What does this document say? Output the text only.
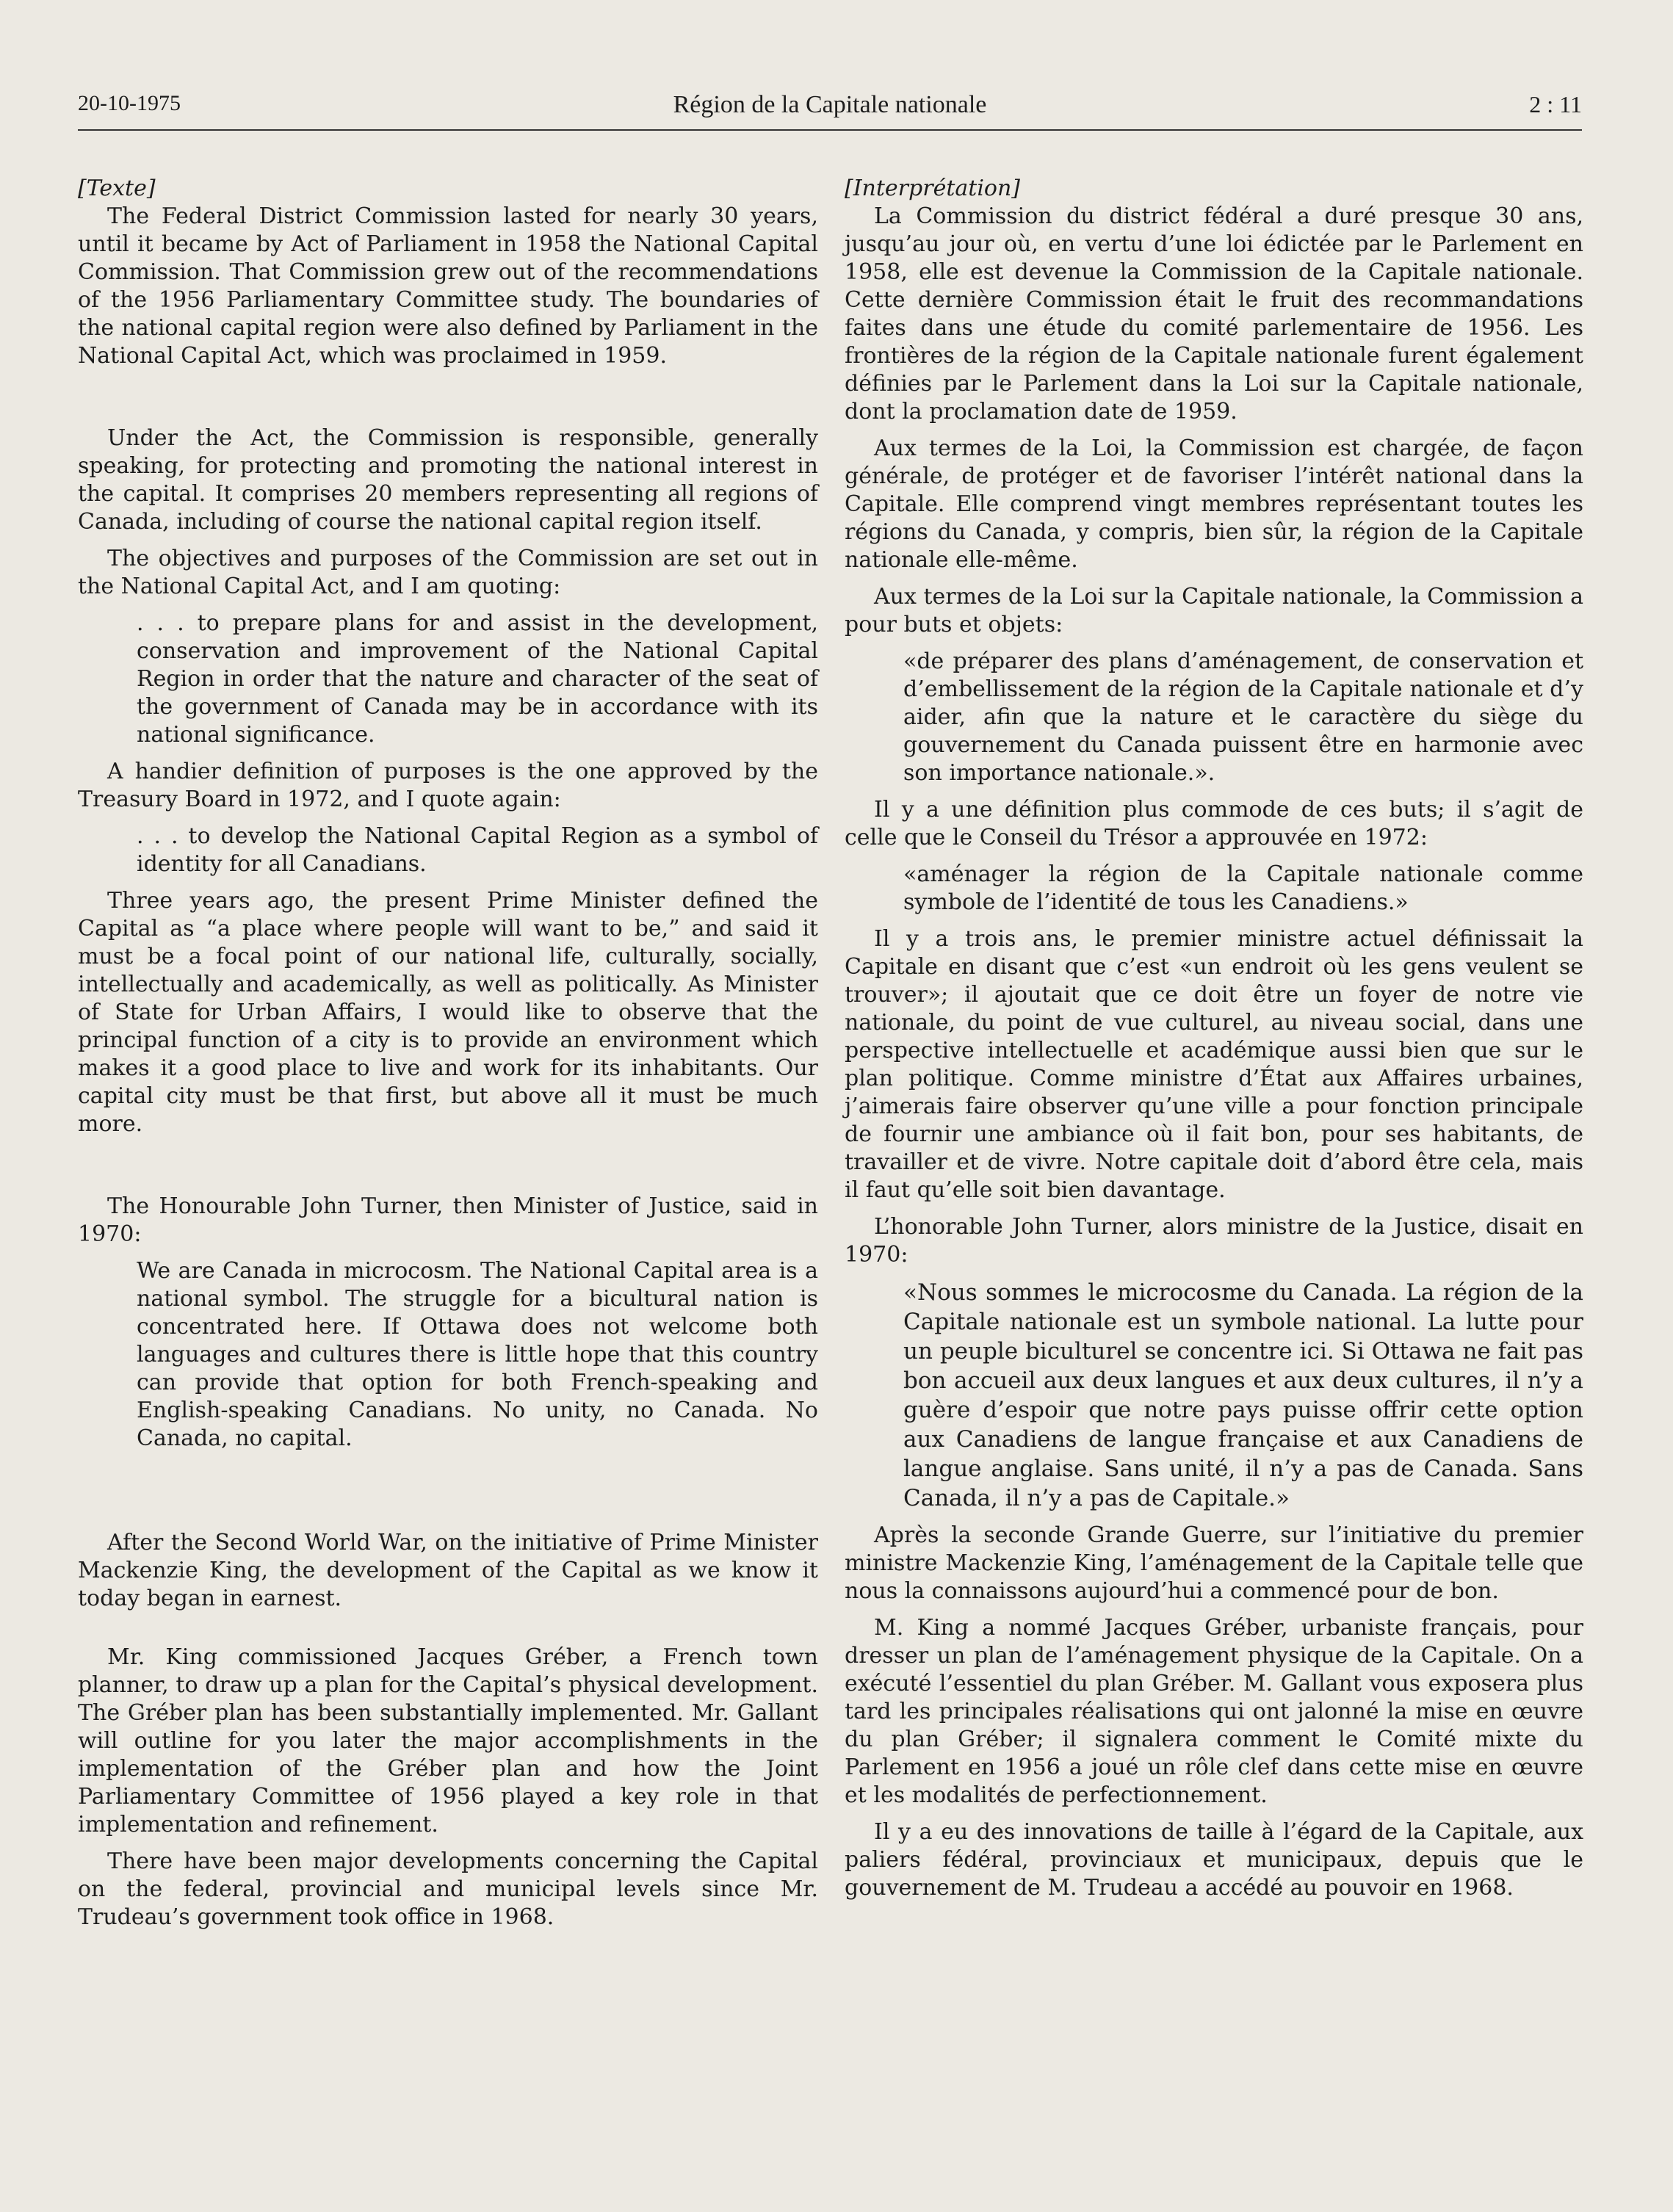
20-10-1975	Région de la Capitale nationale	2 : 11

[Texte]

The Federal District Commission lasted for nearly 30 years, until it became by Act of Parliament in 1958 the National Capital Commission. That Commission grew out of the recommendations of the 1956 Parliamentary Committee study. The boundaries of the national capital region were also defined by Parliament in the National Capital Act, which was proclaimed in 1959.

Under the Act, the Commission is responsible, generally speaking, for protecting and promoting the national interest in the capital. It comprises 20 members representing all regions of Canada, including of course the national capital region itself.

The objectives and purposes of the Commission are set out in the National Capital Act, and I am quoting:

. . . to prepare plans for and assist in the development, conservation and improvement of the National Capital Region in order that the nature and character of the seat of the government of Canada may be in accordance with its national significance.

A handier definition of purposes is the one approved by the Treasury Board in 1972, and I quote again:

. . . to develop the National Capital Region as a symbol of identity for all Canadians.

Three years ago, the present Prime Minister defined the Capital as “a place where people will want to be,” and said it must be a focal point of our national life, culturally, socially, intellectually and academically, as well as politically. As Minister of State for Urban Affairs, I would like to observe that the principal function of a city is to provide an environment which makes it a good place to live and work for its inhabitants. Our capital city must be that first, but above all it must be much more.

The Honourable John Turner, then Minister of Justice, said in 1970:

We are Canada in microcosm. The National Capital area is a national symbol. The struggle for a bicultural nation is concentrated here. If Ottawa does not welcome both languages and cultures there is little hope that this country can provide that option for both French-speaking and English-speaking Canadians. No unity, no Canada. No Canada, no capital.

After the Second World War, on the initiative of Prime Minister Mackenzie King, the development of the Capital as we know it today began in earnest.

Mr. King commissioned Jacques Gréber, a French town planner, to draw up a plan for the Capital’s physical development. The Gréber plan has been substantially implemented. Mr. Gallant will outline for you later the major accomplishments in the implementation of the Gréber plan and how the Joint Parliamentary Committee of 1956 played a key role in that implementation and refinement.

There have been major developments concerning the Capital on the federal, provincial and municipal levels since Mr. Trudeau’s government took office in 1968.

[Interprétation]

La Commission du district fédéral a duré presque 30 ans, jusqu’au jour où, en vertu d’une loi édictée par le Parlement en 1958, elle est devenue la Commission de la Capitale nationale. Cette dernière Commission était le fruit des recommandations faites dans une étude du comité parlementaire de 1956. Les frontières de la région de la Capitale nationale furent également définies par le Parlement dans la Loi sur la Capitale nationale, dont la proclamation date de 1959.

Aux termes de la Loi, la Commission est chargée, de façon générale, de protéger et de favoriser l’intérêt national dans la Capitale. Elle comprend vingt membres représentant toutes les régions du Canada, y compris, bien sûr, la région de la Capitale nationale elle-même.

Aux termes de la Loi sur la Capitale nationale, la Commission a pour buts et objets:

«de préparer des plans d’aménagement, de conservation et d’embellissement de la région de la Capitale nationale et d’y aider, afin que la nature et le caractère du siège du gouvernement du Canada puissent être en harmonie avec son importance nationale.».

Il y a une définition plus commode de ces buts; il s’agit de celle que le Conseil du Trésor a approuvée en 1972:

«aménager la région de la Capitale nationale comme symbole de l’identité de tous les Canadiens.»

Il y a trois ans, le premier ministre actuel définissait la Capitale en disant que c’est «un endroit où les gens veulent se trouver»; il ajoutait que ce doit être un foyer de notre vie nationale, du point de vue culturel, au niveau social, dans une perspective intellectuelle et académique aussi bien que sur le plan politique. Comme ministre d’État aux Affaires urbaines, j’aimerais faire observer qu’une ville a pour fonction principale de fournir une ambiance où il fait bon, pour ses habitants, de travailler et de vivre. Notre capitale doit d’abord être cela, mais il faut qu’elle soit bien davantage.

L’honorable John Turner, alors ministre de la Justice, disait en 1970:

«Nous sommes le microcosme du Canada. La région de la Capitale nationale est un symbole national. La lutte pour un peuple biculturel se concentre ici. Si Ottawa ne fait pas bon accueil aux deux langues et aux deux cultures, il n’y a guère d’espoir que notre pays puisse offrir cette option aux Canadiens de langue française et aux Canadiens de langue anglaise. Sans unité, il n’y a pas de Canada. Sans Canada, il n’y a pas de Capitale.»

Après la seconde Grande Guerre, sur l’initiative du premier ministre Mackenzie King, l’aménagement de la Capitale telle que nous la connaissons aujourd’hui a commencé pour de bon.

M. King a nommé Jacques Gréber, urbaniste français, pour dresser un plan de l’aménagement physique de la Capitale. On a exécuté l’essentiel du plan Gréber. M. Gallant vous exposera plus tard les principales réalisations qui ont jalonné la mise en œuvre du plan Gréber; il signalera comment le Comité mixte du Parlement en 1956 a joué un rôle clef dans cette mise en œuvre et les modalités de perfectionnement.

Il y a eu des innovations de taille à l’égard de la Capitale, aux paliers fédéral, provinciaux et municipaux, depuis que le gouvernement de M. Trudeau a accédé au pouvoir en 1968.
